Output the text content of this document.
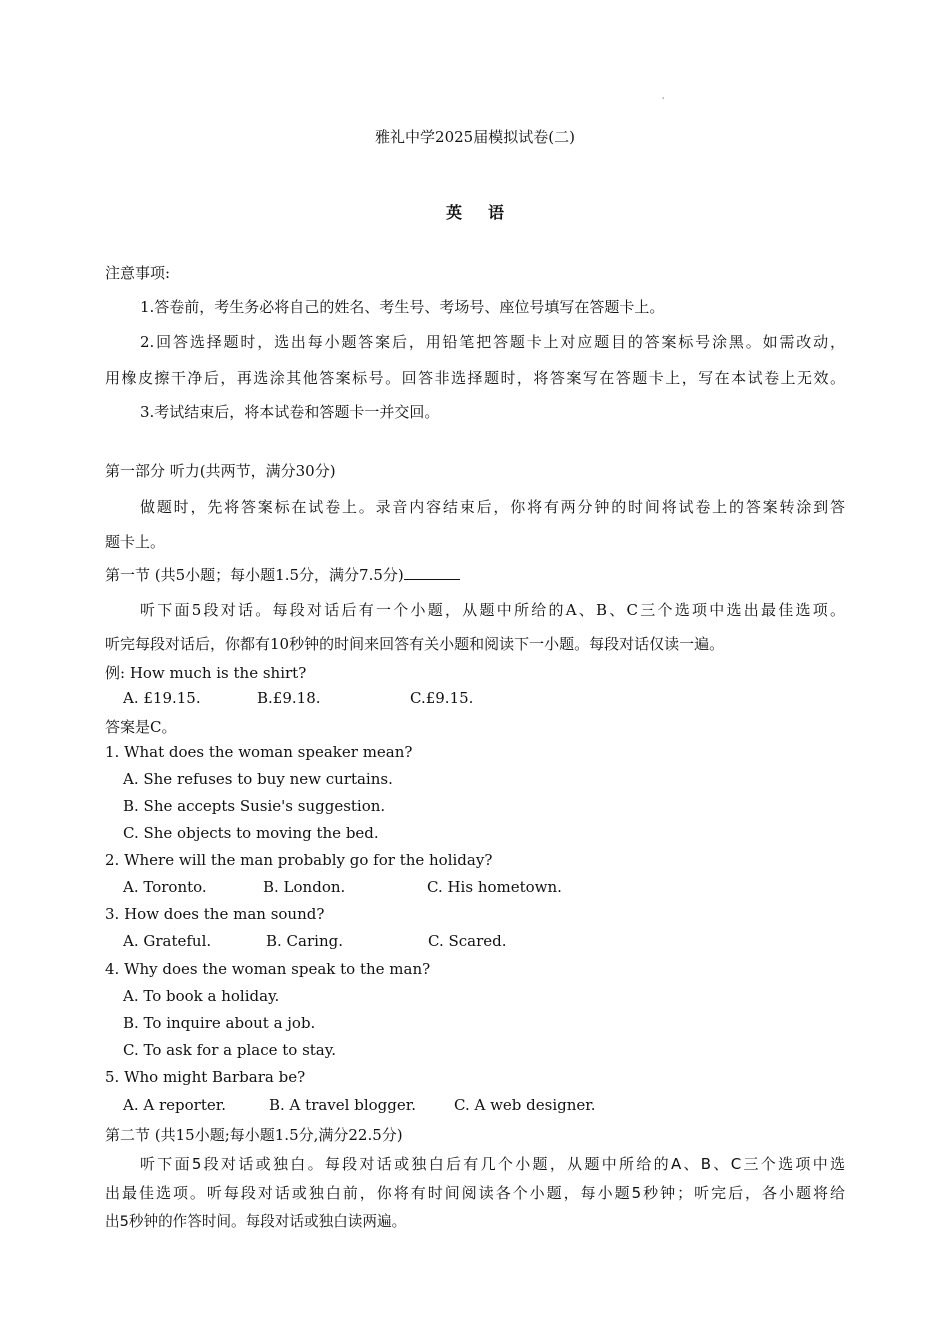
'
雅礼中学2025届模拟试卷(二)
英语
注意事项:
1.答卷前，考生务必将自己的姓名、考生号、考场号、座位号填写在答题卡上。
2.回答选择题时，选出每小题答案后，用铅笔把答题卡上对应题目的答案标号涂黑。如需改动，
用橡皮擦干净后，再选涂其他答案标号。回答非选择题时，将答案写在答题卡上，写在本试卷上无效。
3.考试结束后，将本试卷和答题卡一并交回。
第一部分 听力(共两节，满分30分)
做题时，先将答案标在试卷上。录音内容结束后，你将有两分钟的时间将试卷上的答案转涂到答
题卡上。
第一节 (共5小题；每小题1.5分，满分7.5分)
听下面5段对话。每段对话后有一个小题，从题中所给的A、B、C三个选项中选出最佳选项。
听完每段对话后，你都有10秒钟的时间来回答有关小题和阅读下一小题。每段对话仅读一遍。
例: How much is the shirt?
A. £19.15.	B.£9.18.	C.£9.15.
答案是C。
1. What does the woman speaker mean?
A. She refuses to buy new curtains.
B. She accepts Susie's suggestion.
C. She objects to moving the bed.
2. Where will the man probably go for the holiday?
A. Toronto.	B. London.	C. His hometown.
3. How does the man sound?
A. Grateful.	B. Caring.	C. Scared.
4. Why does the woman speak to the man?
A. To book a holiday.
B. To inquire about a job.
C. To ask for a place to stay.
5. Who might Barbara be?
A. A reporter.	B. A travel blogger.	C. A web designer.
第二节 (共15小题;每小题1.5分,满分22.5分)
听下面5段对话或独白。每段对话或独白后有几个小题，从题中所给的A、B、C三个选项中选
出最佳选项。听每段对话或独白前，你将有时间阅读各个小题，每小题5秒钟；听完后，各小题将给
出5秒钟的作答时间。每段对话或独白读两遍。
